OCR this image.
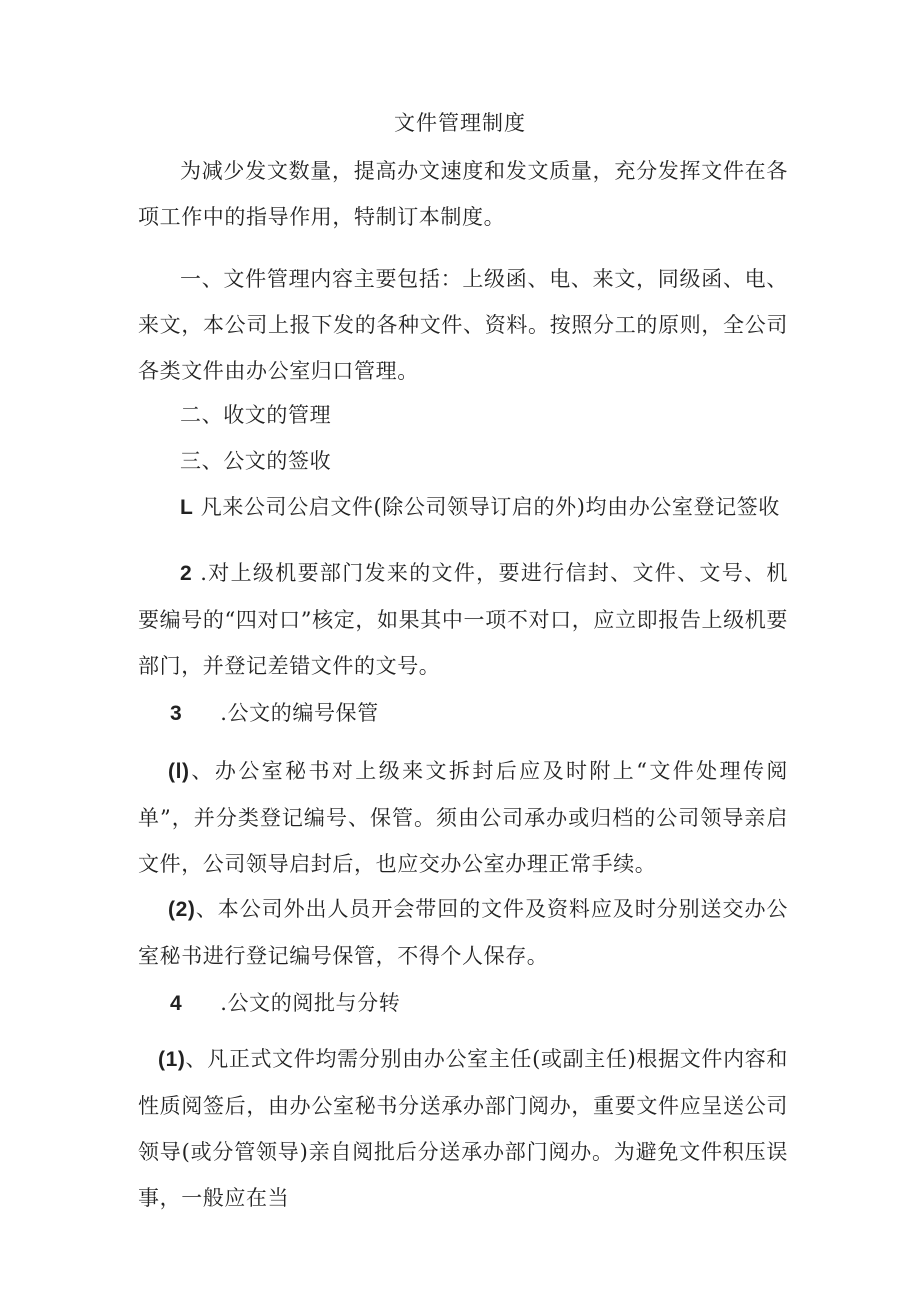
文件管理制度
为减少发文数量，提高办文速度和发文质量，充分发挥文件在各项工作中的指导作用，特制订本制度。
一、文件管理内容主要包括：上级函、电、来文，同级函、电、来文，本公司上报下发的各种文件、资料。按照分工的原则，全公司各类文件由办公室归口管理。
二、收文的管理
三、公文的签收
L 凡来公司公启文件(除公司领导订启的外)均由办公室登记签收
2 .对上级机要部门发来的文件，要进行信封、文件、文号、机要编号的“四对口”核定，如果其中一项不对口，应立即报告上级机要部门，并登记差错文件的文号。
3 .公文的编号保管
(l)、办公室秘书对上级来文拆封后应及时附上“文件处理传阅单”，并分类登记编号、保管。须由公司承办或归档的公司领导亲启文件，公司领导启封后，也应交办公室办理正常手续。
(2)、本公司外出人员开会带回的文件及资料应及时分别送交办公室秘书进行登记编号保管，不得个人保存。
4 .公文的阅批与分转
(1)、凡正式文件均需分别由办公室主任(或副主任)根据文件内容和性质阅签后，由办公室秘书分送承办部门阅办，重要文件应呈送公司领导(或分管领导)亲自阅批后分送承办部门阅办。为避免文件积压误事，一般应在当
